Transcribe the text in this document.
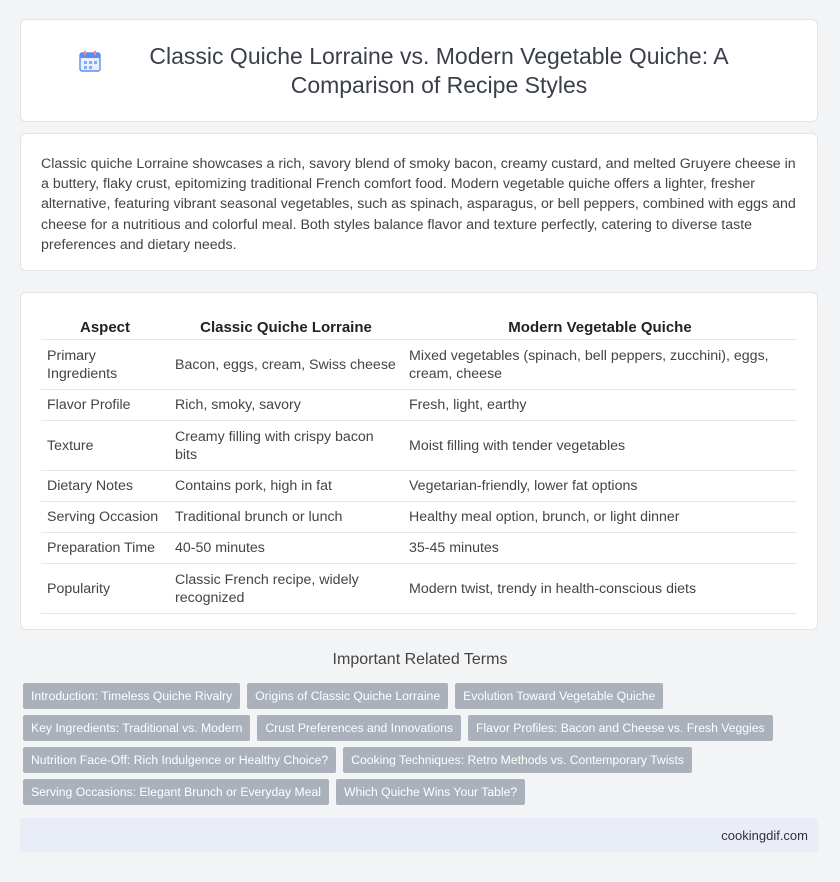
Classic Quiche Lorraine vs. Modern Vegetable Quiche: A Comparison of Recipe Styles

Classic quiche Lorraine showcases a rich, savory blend of smoky bacon, creamy custard, and melted Gruyere cheese in a buttery, flaky crust, epitomizing traditional French comfort food. Modern vegetable quiche offers a lighter, fresher alternative, featuring vibrant seasonal vegetables, such as spinach, asparagus, or bell peppers, combined with eggs and cheese for a nutritious and colorful meal. Both styles balance flavor and texture perfectly, catering to diverse taste preferences and dietary needs.

Aspect	Classic Quiche Lorraine	Modern Vegetable Quiche
Primary Ingredients	Bacon, eggs, cream, Swiss cheese	Mixed vegetables (spinach, bell peppers, zucchini), eggs, cream, cheese
Flavor Profile	Rich, smoky, savory	Fresh, light, earthy
Texture	Creamy filling with crispy bacon bits	Moist filling with tender vegetables
Dietary Notes	Contains pork, high in fat	Vegetarian-friendly, lower fat options
Serving Occasion	Traditional brunch or lunch	Healthy meal option, brunch, or light dinner
Preparation Time	40-50 minutes	35-45 minutes
Popularity	Classic French recipe, widely recognized	Modern twist, trendy in health-conscious diets
Important Related Terms
Introduction: Timeless Quiche Rivalry	Origins of Classic Quiche Lorraine	Evolution Toward Vegetable Quiche
Key Ingredients: Traditional vs. Modern	Crust Preferences and Innovations	Flavor Profiles: Bacon and Cheese vs. Fresh Veggies
Nutrition Face-Off: Rich Indulgence or Healthy Choice?	Cooking Techniques: Retro Methods vs. Contemporary Twists
Serving Occasions: Elegant Brunch or Everyday Meal	Which Quiche Wins Your Table?
cookingdif.com
